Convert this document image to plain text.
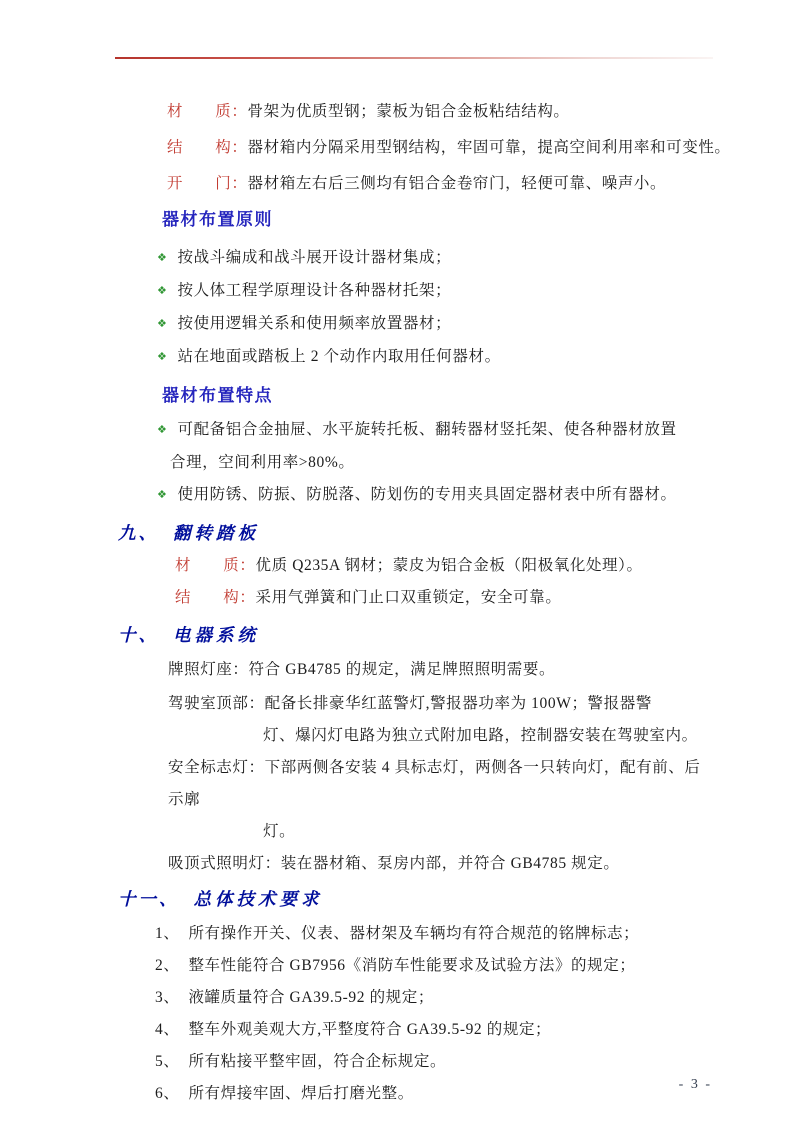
材　　质：骨架为优质型钢；蒙板为铝合金板粘结结构。
结　　构：器材箱内分隔采用型钢结构，牢固可靠，提高空间利用率和可变性。
开　　门：器材箱左右后三侧均有铝合金卷帘门，轻便可靠、噪声小。
器材布置原则
❖ 按战斗编成和战斗展开设计器材集成；
❖ 按人体工程学原理设计各种器材托架；
❖ 按使用逻辑关系和使用频率放置器材；
❖ 站在地面或踏板上 2 个动作内取用任何器材。
器材布置特点
❖ 可配备铝合金抽屉、水平旋转托板、翻转器材竖托架、使各种器材放置
合理，空间利用率>80%。
❖ 使用防锈、防振、防脱落、防划伤的专用夹具固定器材表中所有器材。
九、 翻转踏板
材　　质：优质 Q235A 钢材；蒙皮为铝合金板（阳极氧化处理）。
结　　构：采用气弹簧和门止口双重锁定，安全可靠。
十、 电器系统
牌照灯座：符合 GB4785 的规定，满足牌照照明需要。
驾驶室顶部：配备长排豪华红蓝警灯,警报器功率为 100W；警报器警
灯、爆闪灯电路为独立式附加电路，控制器安装在驾驶室内。
安全标志灯：下部两侧各安装 4 具标志灯，两侧各一只转向灯，配有前、后示廓
灯。
吸顶式照明灯：装在器材箱、泵房内部，并符合 GB4785 规定。
十一、 总体技术要求
1、 所有操作开关、仪表、器材架及车辆均有符合规范的铭牌标志；
2、 整车性能符合 GB7956《消防车性能要求及试验方法》的规定；
3、 液罐质量符合 GA39.5-92 的规定；
4、 整车外观美观大方,平整度符合 GA39.5-92 的规定；
5、 所有粘接平整牢固，符合企标规定。
6、 所有焊接牢固、焊后打磨光整。
- 3 -
